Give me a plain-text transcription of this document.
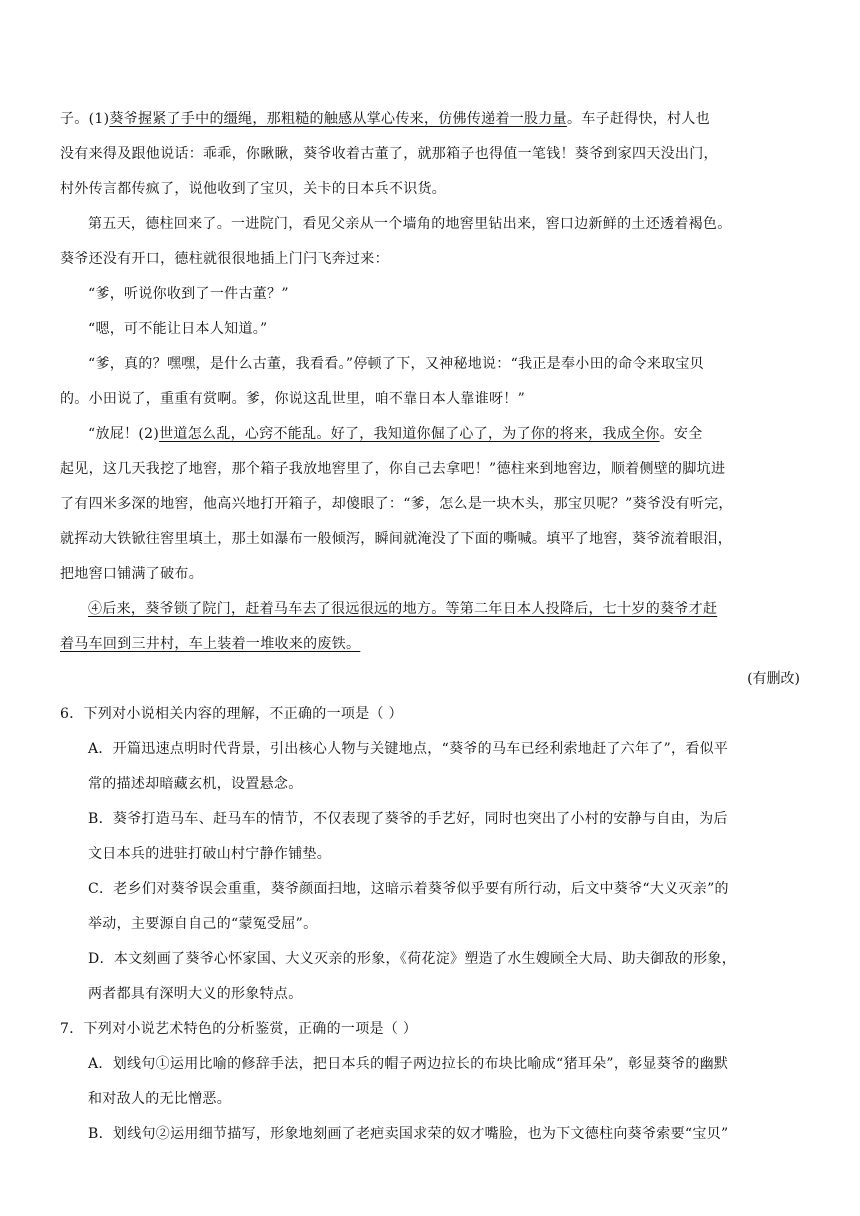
子。(1)葵爷握紧了手中的缰绳，那粗糙的触感从掌心传来，仿佛传递着一股力量。车子赶得快，村人也
没有来得及跟他说话：乖乖，你瞅瞅，葵爷收着古董了，就那箱子也得值一笔钱！葵爷到家四天没出门，
村外传言都传疯了，说他收到了宝贝，关卡的日本兵不识货。
第五天，德柱回来了。一进院门，看见父亲从一个墙角的地窖里钻出来，窖口边新鲜的土还透着褐色。
葵爷还没有开口，德柱就很很地插上门闩飞奔过来：
“爹，听说你收到了一件古董？”
“嗯，可不能让日本人知道。”
“爹，真的？嘿嘿，是什么古董，我看看。”停顿了下，又神秘地说：“我正是奉小田的命令来取宝贝
的。小田说了，重重有赏啊。爹，你说这乱世里，咱不靠日本人靠谁呀！”
“放屁！(2)世道怎么乱，心窍不能乱。好了，我知道你倔了心了，为了你的将来，我成全你。安全
起见，这几天我挖了地窖，那个箱子我放地窖里了，你自己去拿吧！”德柱来到地窖边，顺着侧壁的脚坑进
了有四米多深的地窖，他高兴地打开箱子，却傻眼了：“爹，怎么是一块木头，那宝贝呢？”葵爷没有听完，
就挥动大铁锨往窖里填土，那土如瀑布一般倾泻，瞬间就淹没了下面的嘶喊。填平了地窖，葵爷流着眼泪，
把地窖口铺满了破布。
④后来，葵爷锁了院门，赶着马车去了很远很远的地方。等第二年日本人投降后，七十岁的葵爷才赶
着马车回到三井村，车上装着一堆收来的废铁。
(有删改)
6．下列对小说相关内容的理解，不正确的一项是（ ）
A．开篇迅速点明时代背景，引出核心人物与关键地点，“葵爷的马车已经利索地赶了六年了”，看似平
常的描述却暗藏玄机，设置悬念。
B．葵爷打造马车、赶马车的情节，不仅表现了葵爷的手艺好，同时也突出了小村的安静与自由，为后
文日本兵的进驻打破山村宁静作铺垫。
C．老乡们对葵爷误会重重，葵爷颜面扫地，这暗示着葵爷似乎要有所行动，后文中葵爷“大义灭亲”的
举动，主要源自自己的“蒙冤受屈”。
D．本文刻画了葵爷心怀家国、大义灭亲的形象，《荷花淀》塑造了水生嫂顾全大局、助夫御敌的形象，
两者都具有深明大义的形象特点。
7．下列对小说艺术特色的分析鉴赏，正确的一项是（ ）
A．划线句①运用比喻的修辞手法，把日本兵的帽子两边拉长的布块比喻成“猪耳朵”，彰显葵爷的幽默
和对敌人的无比憎恶。
B．划线句②运用细节描写，形象地刻画了老疤卖国求荣的奴才嘴脸，也为下文德柱向葵爷索要“宝贝”
